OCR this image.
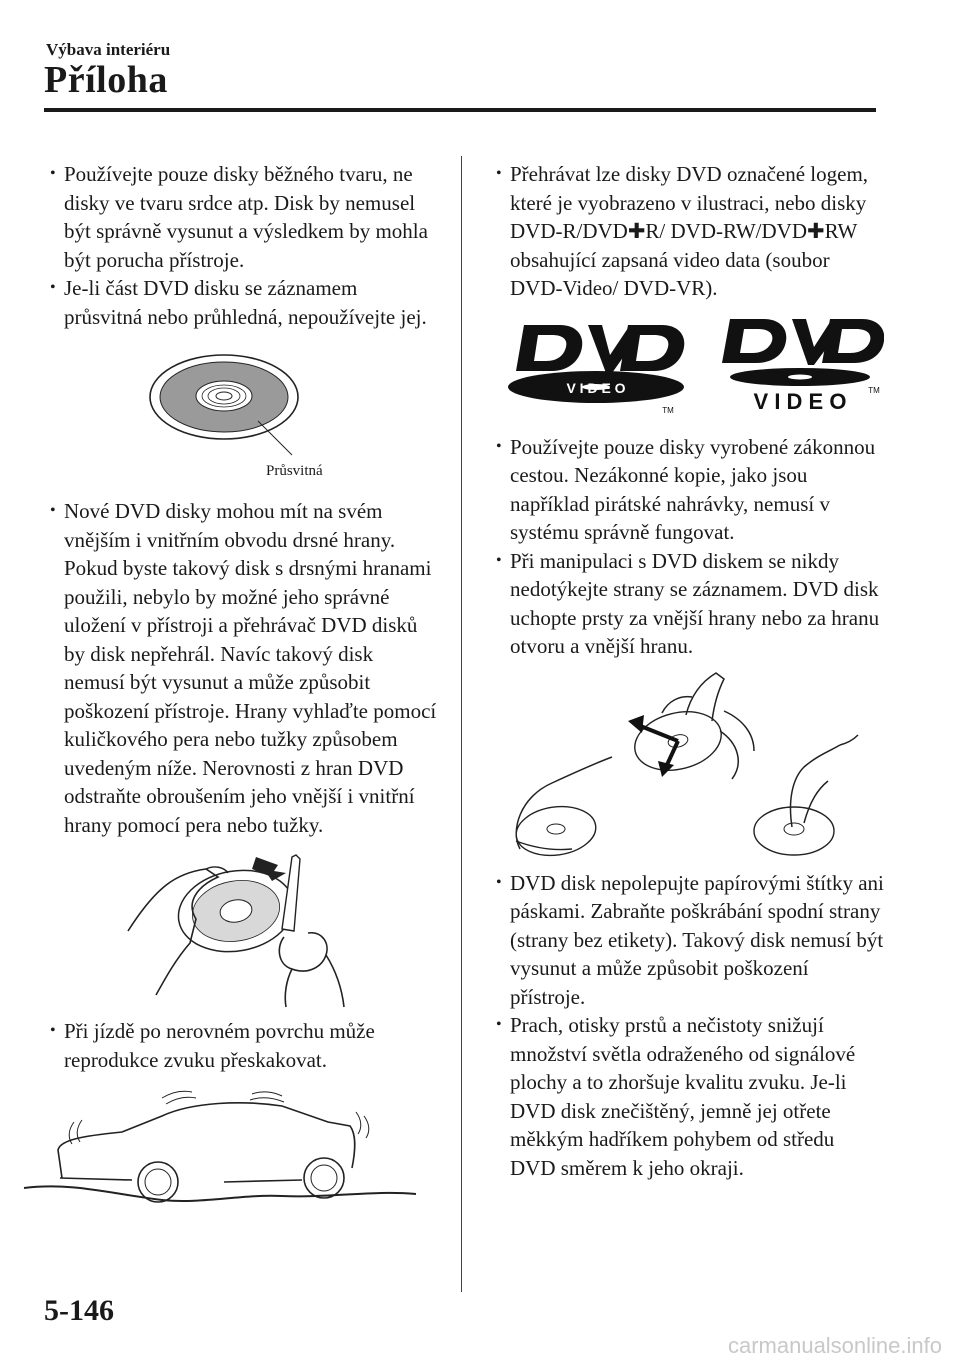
Výbava interiéru
Příloha
• Používejte pouze disky běžného tvaru, ne disky ve tvaru srdce atp. Disk by nemusel být správně vysunut a výsledkem by mohla být porucha přístroje.
• Je-li část DVD disku se záznamem průsvitná nebo průhledná, nepoužívejte jej.
Průsvitná
• Nové DVD disky mohou mít na svém vnějším i vnitřním obvodu drsné hrany. Pokud byste takový disk s drsnými hranami použili, nebylo by možné jeho správné uložení v přístroji a přehrávač DVD disků by disk nepřehrál. Navíc takový disk nemusí být vysunut a může způsobit poškození přístroje. Hrany vyhlaďte pomocí kuličkového pera nebo tužky způsobem uvedeným níže. Nerovnosti z hran DVD odstraňte obroušením jeho vnější i vnitřní hrany pomocí pera nebo tužky.
• Při jízdě po nerovném povrchu může reprodukce zvuku přeskakovat.
• Přehrávat lze disky DVD označené logem, které je vyobrazeno v ilustraci, nebo disky DVD-R/DVD✚R/ DVD-RW/DVD✚RW obsahující zapsaná video data (soubor DVD-Video/ DVD-VR).
V I D E O
TM	V I D E O	TM
• Používejte pouze disky vyrobené zákonnou cestou. Nezákonné kopie, jako jsou například pirátské nahrávky, nemusí v systému správně fungovat.
• Při manipulaci s DVD diskem se nikdy nedotýkejte strany se záznamem. DVD disk uchopte prsty za vnější hrany nebo za hranu otvoru a vnější hranu.
• DVD disk nepolepujte papírovými štítky ani páskami. Zabraňte poškrábání spodní strany (strany bez etikety). Takový disk nemusí být vysunut a může způsobit poškození přístroje.
• Prach, otisky prstů a nečistoty snižují množství světla odraženého od signálové plochy a to zhoršuje kvalitu zvuku. Je-li DVD disk znečištěný, jemně jej otřete měkkým hadříkem pohybem od středu DVD směrem k jeho okraji.
5-146
carmanualsonline.info
